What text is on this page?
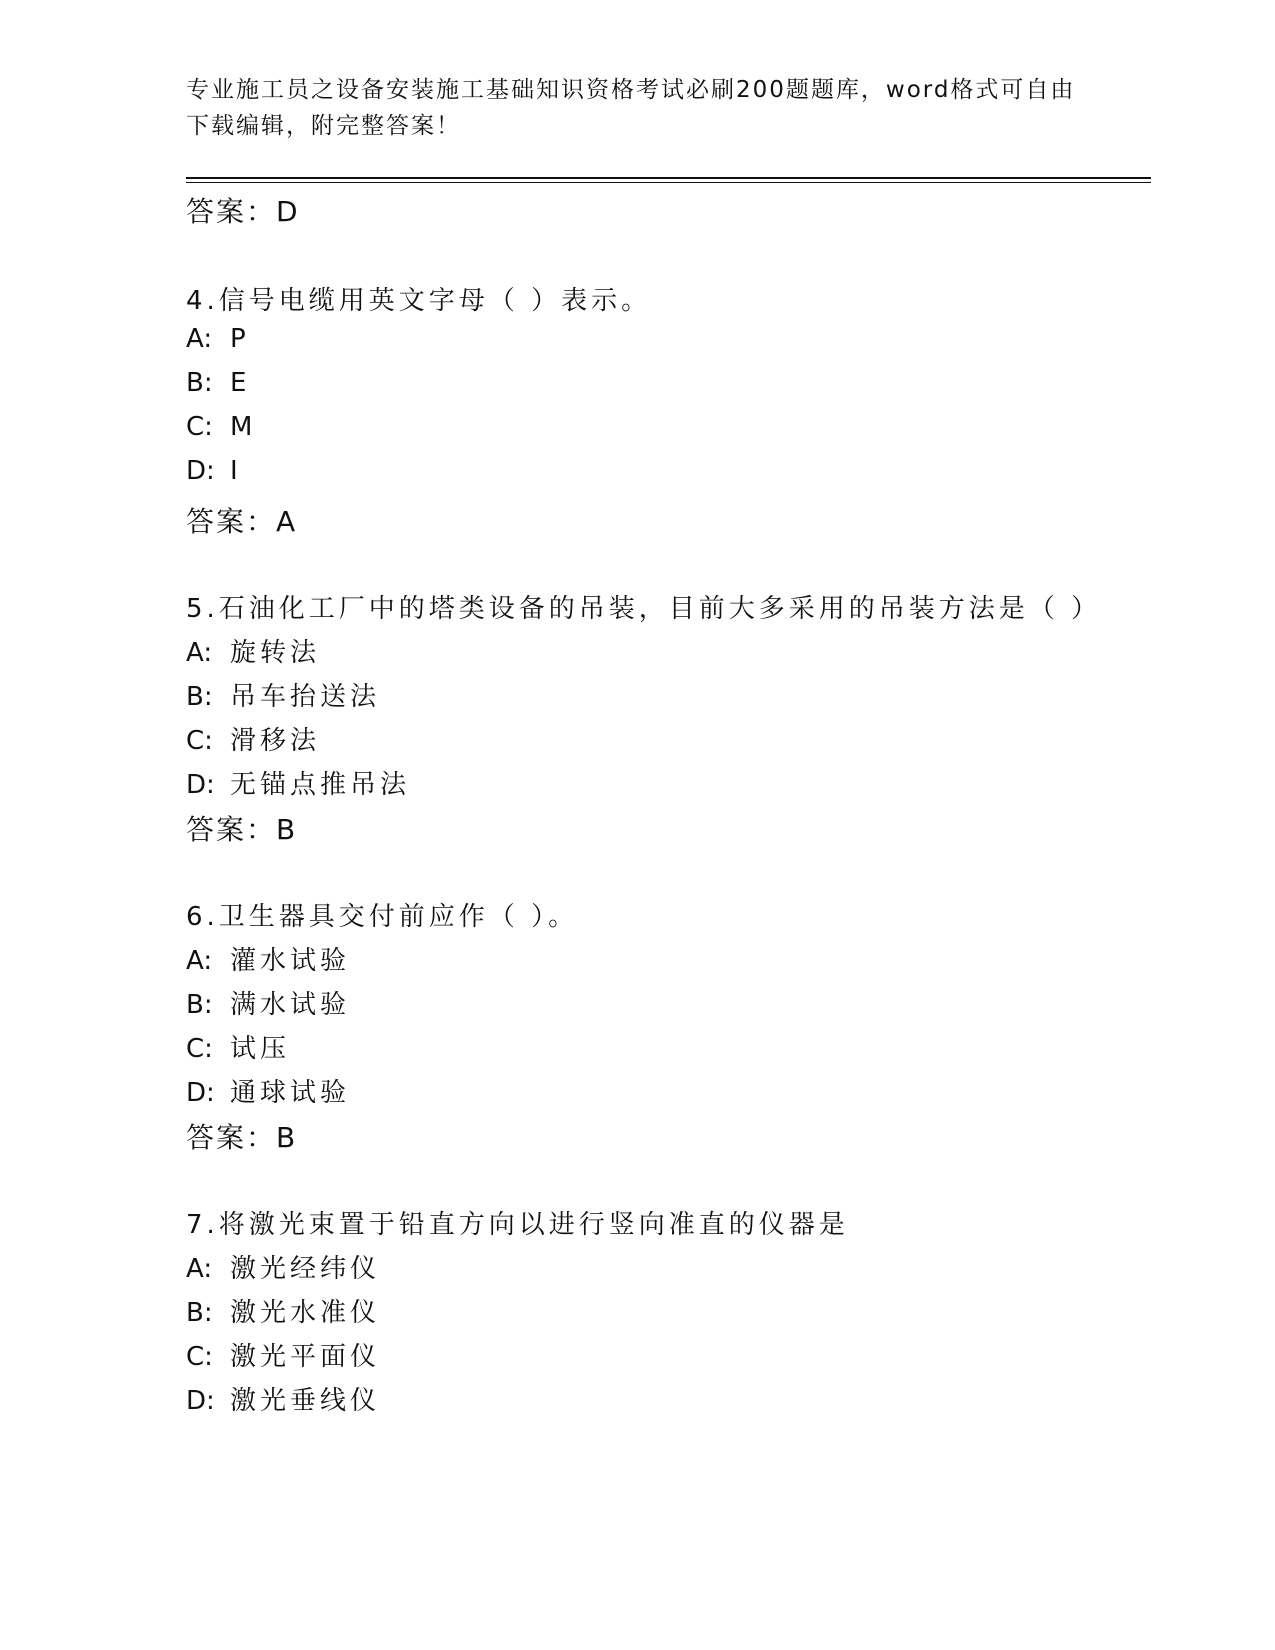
专业施工员之设备安装施工基础知识资格考试必刷200题题库，word格式可自由
下载编辑，附完整答案！
答案：D
4.信号电缆用英文字母（ ）表示。
A: P
B: E
C: M
D: I
答案：A
5.石油化工厂中的塔类设备的吊装，目前大多采用的吊装方法是（ ）
A: 旋转法
B: 吊车抬送法
C: 滑移法
D: 无锚点推吊法
答案：B
6.卫生器具交付前应作（ ）。
A: 灌水试验
B: 满水试验
C: 试压
D: 通球试验
答案：B
7.将激光束置于铅直方向以进行竖向准直的仪器是
A: 激光经纬仪
B: 激光水准仪
C: 激光平面仪
D: 激光垂线仪
